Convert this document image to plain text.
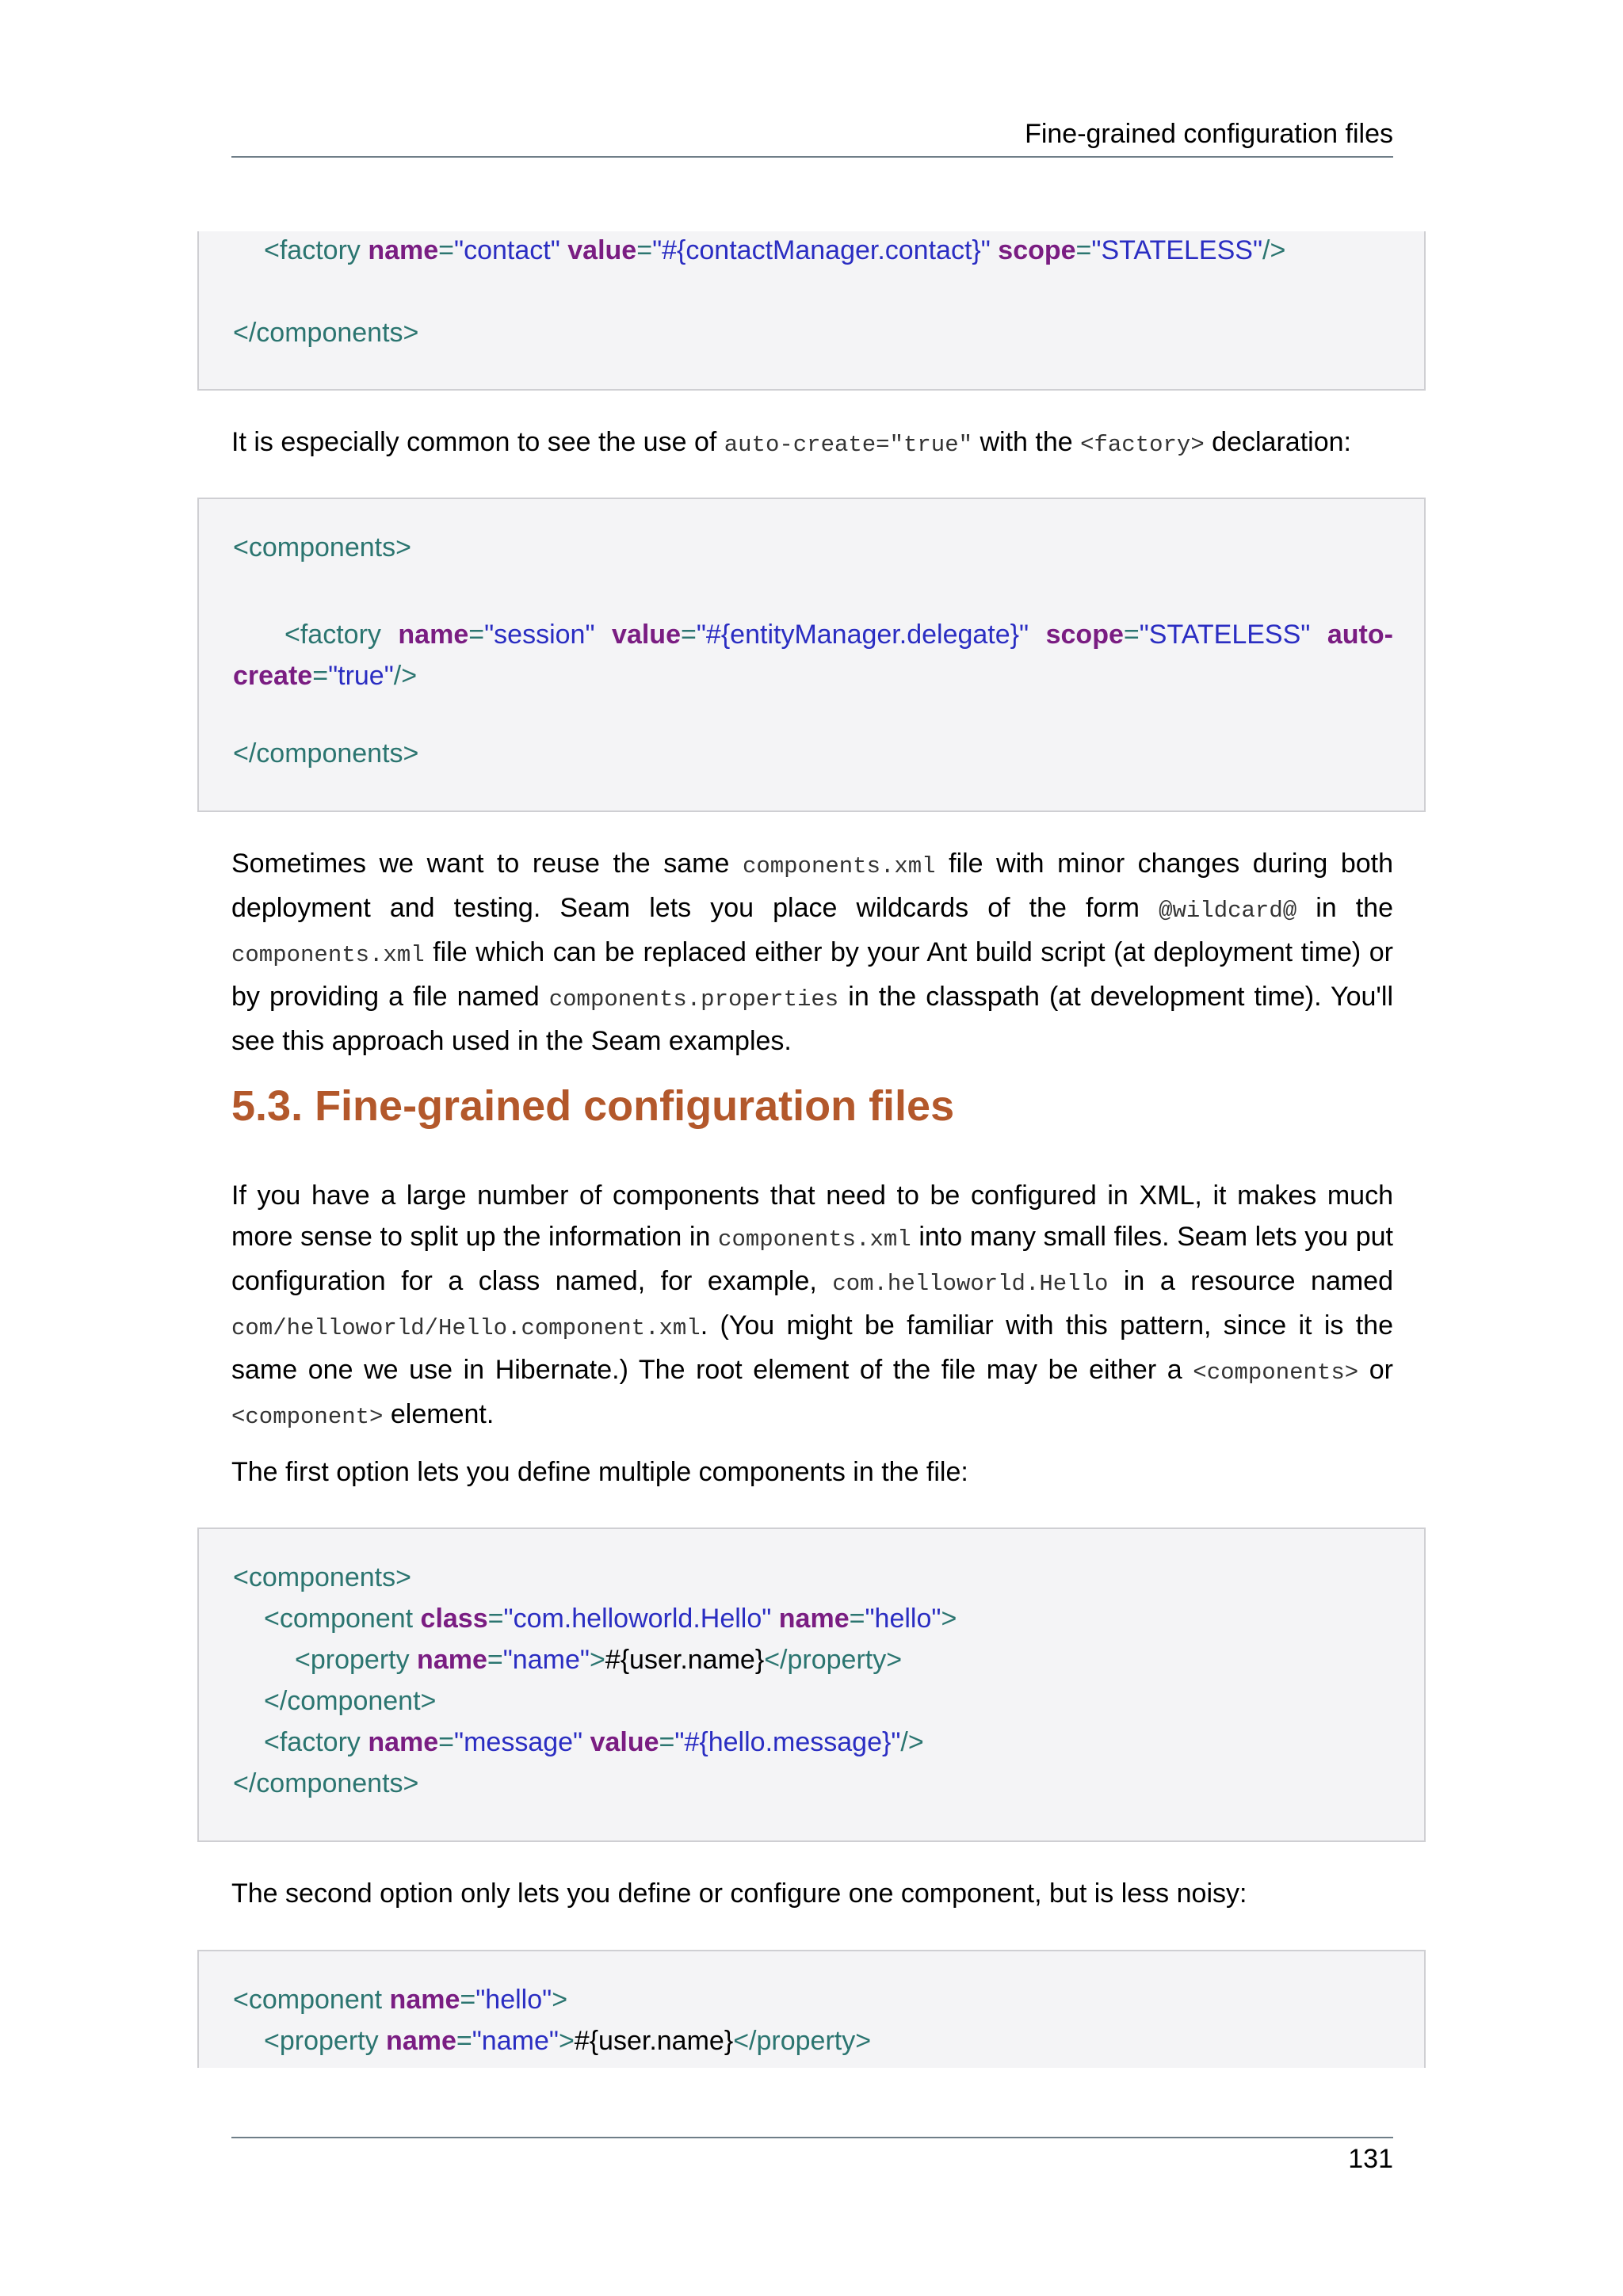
Fine-grained configuration files
<factory name="contact" value="#{contactManager.contact}" scope="STATELESS"/>
</components>
It is especially common to see the use of auto-create="true" with the <factory> declaration:
<components>
<factory name="session" value="#{entityManager.delegate}" scope="STATELESS" auto-create="true"/>
</components>
Sometimes we want to reuse the same components.xml file with minor changes during both deployment and testing. Seam lets you place wildcards of the form @wildcard@ in the components.xml file which can be replaced either by your Ant build script (at deployment time) or by providing a file named components.properties in the classpath (at development time). You'll see this approach used in the Seam examples.
5.3. Fine-grained configuration files
If you have a large number of components that need to be configured in XML, it makes much more sense to split up the information in components.xml into many small files. Seam lets you put configuration for a class named, for example, com.helloworld.Hello in a resource named com/helloworld/Hello.component.xml. (You might be familiar with this pattern, since it is the same one we use in Hibernate.) The root element of the file may be either a <components> or <component> element.
The first option lets you define multiple components in the file:
<components>
<component class="com.helloworld.Hello" name="hello">
<property name="name">#{user.name}</property>
</component>
<factory name="message" value="#{hello.message}"/>
</components>
The second option only lets you define or configure one component, but is less noisy:
<component name="hello">
<property name="name">#{user.name}</property>
131
